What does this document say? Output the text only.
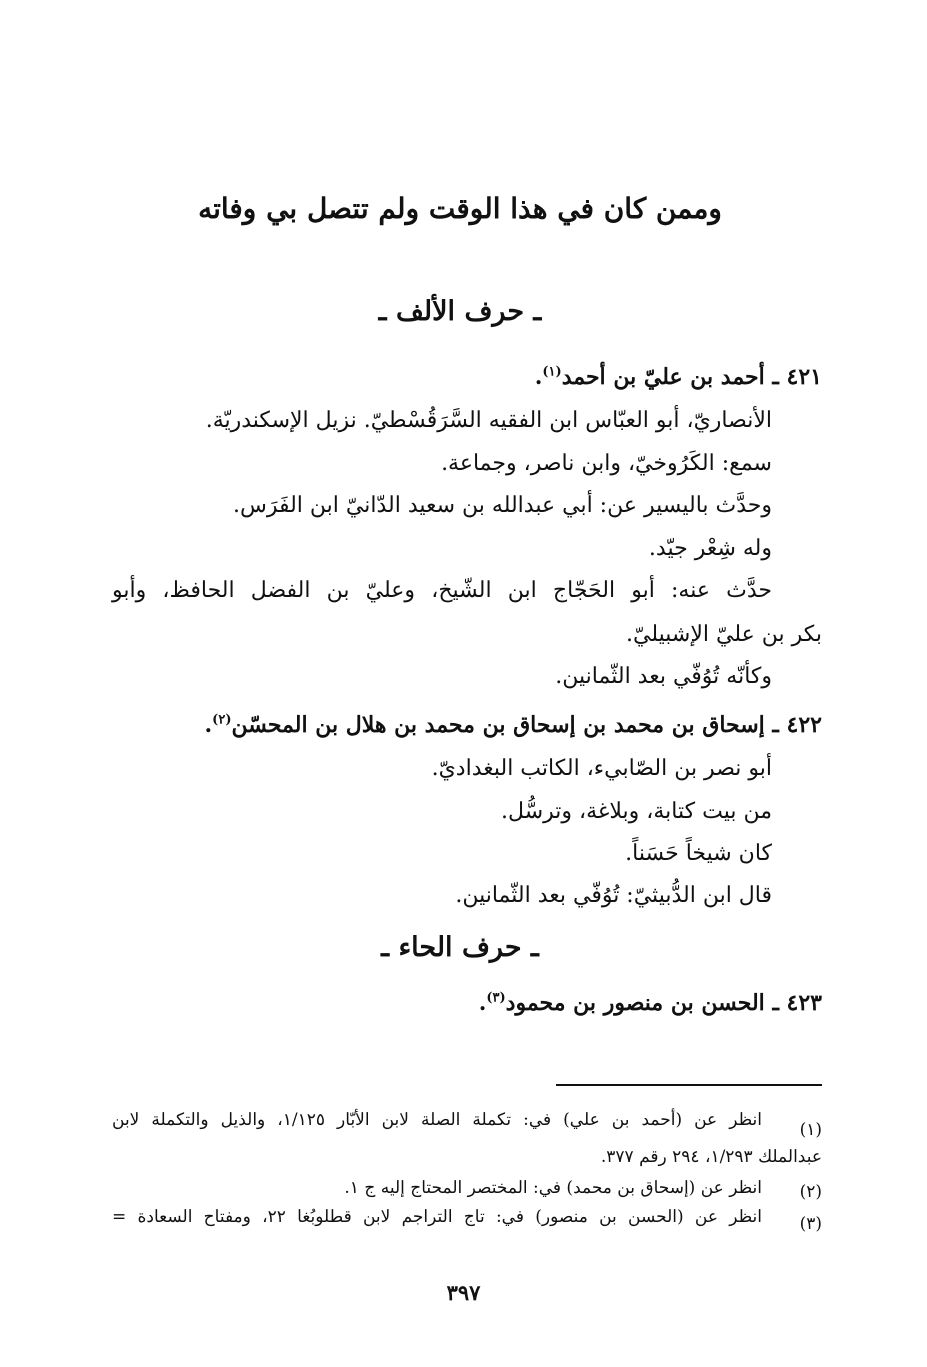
وممن كان في هذا الوقت ولم تتصل بي وفاته
ـ حرف الألف ـ
٤٢١ ـ أحمد بن عليّ بن أحمد$^{(١)}$.
الأنصاريّ، أبو العبّاس ابن الفقيه السَّرَقُسْطيّ. نزيل الإسكندريّة.
سمع: الكَرُوخيّ، وابن ناصر، وجماعة.
وحدَّث باليسير عن: أبي عبدالله بن سعيد الدّانيّ ابن الفَرَس.
وله شِعْر جيّد.
حدَّث عنه: أبو الحَجّاج ابن الشّيخ، وعليّ بن الفضل الحافظ، وأبو
بكر بن عليّ الإشبيليّ.
وكأنّه تُوُفّي بعد الثّمانين.
٤٢٢ ـ إسحاق بن محمد بن إسحاق بن محمد بن هلال بن المحسّن$^{(٢)}$.
أبو نصر بن الصّابيء، الكاتب البغداديّ.
من بيت كتابة، وبلاغة، وترسُّل.
كان شيخاً حَسَناً.
قال ابن الدُّبيثيّ: تُوُفّي بعد الثّمانين.
ـ حرف الحاء ـ
٤٢٣ ـ الحسن بن منصور بن محمود$^{(٣)}$.
(١)
انظر عن (أحمد بن علي) في: تكملة الصلة لابن الأبّار ١/١٢٥، والذيل والتكملة لابن
عبدالملك ١/٢٩٣، ٢٩٤ رقم ٣٧٧.
(٢)
انظر عن (إسحاق بن محمد) في: المختصر المحتاج إليه ج ١.
(٣)
انظر عن (الحسن بن منصور) في: تاج التراجم لابن قطلوبُغا ٢٢، ومفتاح السعادة =
٣٩٧
